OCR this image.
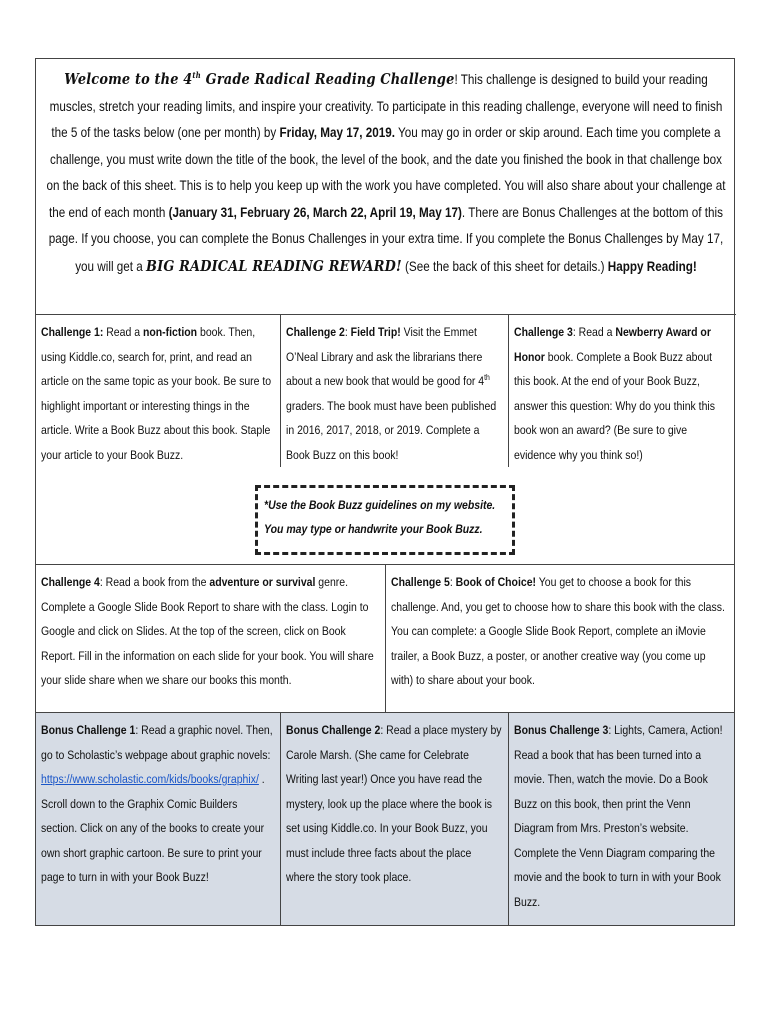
Welcome to the 4th Grade Radical Reading Challenge! This challenge is designed to build your reading muscles, stretch your reading limits, and inspire your creativity. To participate in this reading challenge, everyone will need to finish the 5 of the tasks below (one per month) by Friday, May 17, 2019. You may go in order or skip around. Each time you complete a challenge, you must write down the title of the book, the level of the book, and the date you finished the book in that challenge box on the back of this sheet. This is to help you keep up with the work you have completed. You will also share about your challenge at the end of each month (January 31, February 26, March 22, April 19, May 17). There are Bonus Challenges at the bottom of this page. If you choose, you can complete the Bonus Challenges in your extra time. If you complete the Bonus Challenges by May 17, you will get a BIG RADICAL READING REWARD! (See the back of this sheet for details.) Happy Reading!
Challenge 1: Read a non-fiction book. Then, using Kiddle.co, search for, print, and read an article on the same topic as your book. Be sure to highlight important or interesting things in the article. Write a Book Buzz about this book. Staple your article to your Book Buzz.
Challenge 2: Field Trip! Visit the Emmet O’Neal Library and ask the librarians there about a new book that would be good for 4th graders. The book must have been published in 2016, 2017, 2018, or 2019. Complete a Book Buzz on this book!
Challenge 3: Read a Newberry Award or Honor book. Complete a Book Buzz about this book. At the end of your Book Buzz, answer this question: Why do you think this book won an award? (Be sure to give evidence why you think so!)
*Use the Book Buzz guidelines on my website. You may type or handwrite your Book Buzz.
Challenge 4: Read a book from the adventure or survival genre. Complete a Google Slide Book Report to share with the class. Login to Google and click on Slides. At the top of the screen, click on Book Report. Fill in the information on each slide for your book. You will share your slide share when we share our books this month.
Challenge 5: Book of Choice! You get to choose a book for this challenge. And, you get to choose how to share this book with the class. You can complete: a Google Slide Book Report, complete an iMovie trailer, a Book Buzz, a poster, or another creative way (you come up with) to share about your book.
Bonus Challenge 1: Read a graphic novel. Then, go to Scholastic’s webpage about graphic novels: https://www.scholastic.com/kids/books/graphix/ . Scroll down to the Graphix Comic Builders section. Click on any of the books to create your own short graphic cartoon. Be sure to print your page to turn in with your Book Buzz!
Bonus Challenge 2: Read a place mystery by Carole Marsh. (She came for Celebrate Writing last year!) Once you have read the mystery, look up the place where the book is set using Kiddle.co. In your Book Buzz, you must include three facts about the place where the story took place.
Bonus Challenge 3: Lights, Camera, Action! Read a book that has been turned into a movie. Then, watch the movie. Do a Book Buzz on this book, then print the Venn Diagram from Mrs. Preston’s website. Complete the Venn Diagram comparing the movie and the book to turn in with your Book Buzz.
